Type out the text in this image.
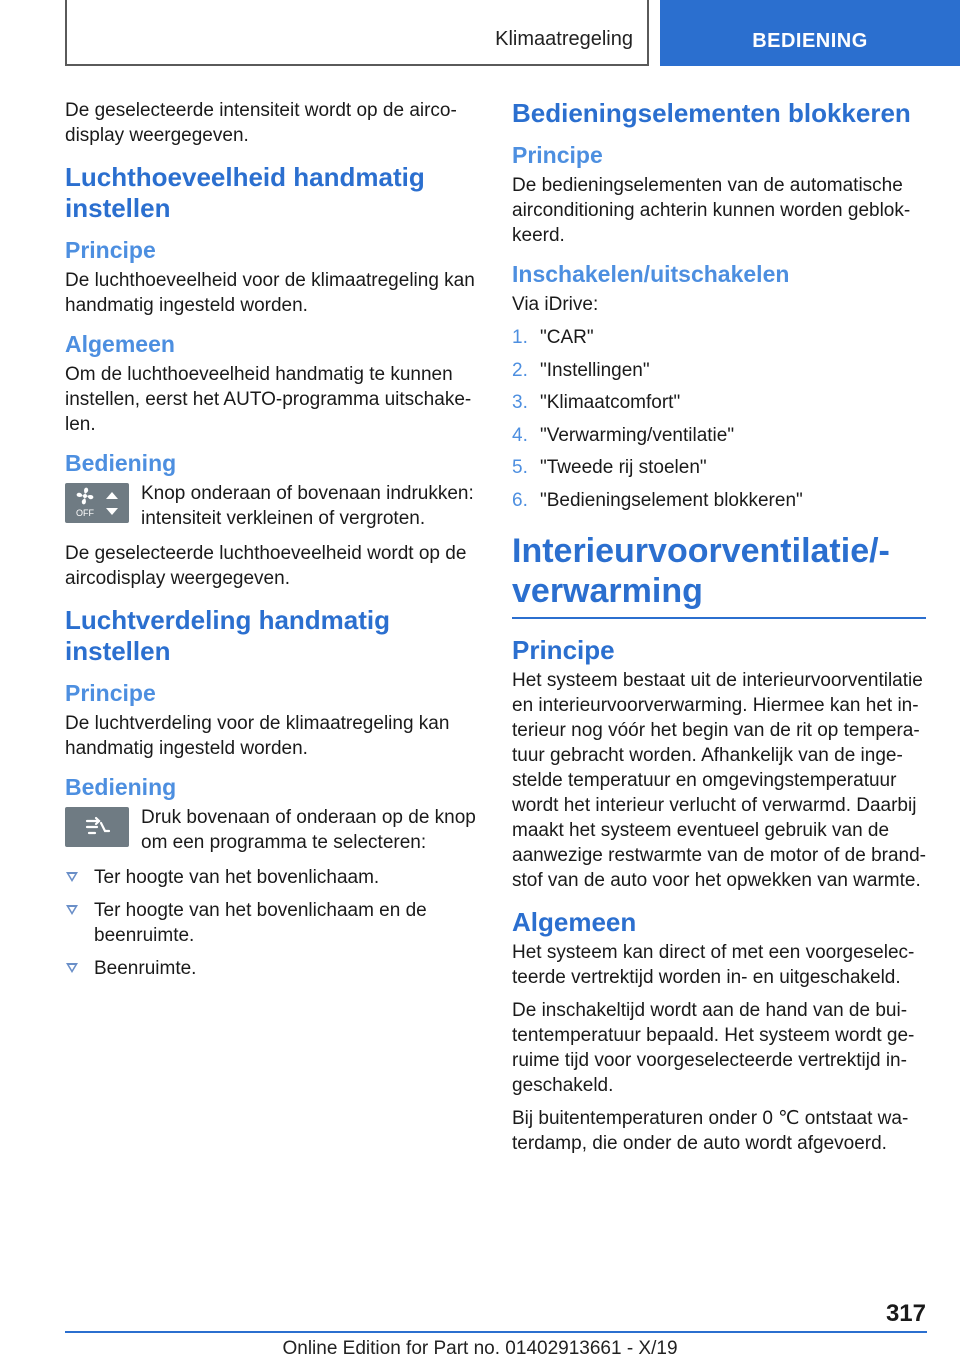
Klimaatregeling	BEDIENING

De geselecteerde intensiteit wordt op de airco-display weergegeven.

Luchthoeveelheid handmatig instellen
Principe

De luchthoeveelheid voor de klimaatregeling kan handmatig ingesteld worden.

Algemeen

Om de luchthoeveelheid handmatig te kunnen instellen, eerst het AUTO-programma uitschake-len.

Bediening
OFF

Knop onderaan of bovenaan indrukken: intensiteit verkleinen of vergroten.

De geselecteerde luchthoeveelheid wordt op de aircodisplay weergegeven.

Luchtverdeling handmatig instellen
Principe

De luchtverdeling voor de klimaatregeling kan handmatig ingesteld worden.

Bediening

Druk bovenaan of onderaan op de knop om een programma te selecteren:

Ter hoogte van het bovenlichaam.
Ter hoogte van het bovenlichaam en de beenruimte.
Beenruimte.
Bedieningselementen blokkeren
Principe

De bedieningselementen van de automatische airconditioning achterin kunnen worden geblok-keerd.

Inschakelen/uitschakelen

Via iDrive:

1. "CAR"
2. "Instellingen"
3. "Klimaatcomfort"
4. "Verwarming/ventilatie"
5. "Tweede rij stoelen"
6. "Bedieningselement blokkeren"
Interieurvoorventilatie/-verwarming
Principe

Het systeem bestaat uit de interieurvoorventilatie en interieurvoorverwarming. Hiermee kan het in-terieur nog vóór het begin van de rit op tempera-tuur gebracht worden. Afhankelijk van de inge-stelde temperatuur en omgevingstemperatuur wordt het interieur verlucht of verwarmd. Daarbij maakt het systeem eventueel gebruik van de aanwezige restwarmte van de motor of de brand-stof van de auto voor het opwekken van warmte.

Algemeen

Het systeem kan direct of met een voorgeselec-teerde vertrektijd worden in- en uitgeschakeld.

De inschakeltijd wordt aan de hand van de bui-tentemperatuur bepaald. Het systeem wordt ge-ruime tijd voor voorgeselecteerde vertrektijd in-geschakeld.

Bij buitentemperaturen onder 0 ℃ ontstaat wa-terdamp, die onder de auto wordt afgevoerd.

317
Online Edition for Part no. 01402913661 - X/19
